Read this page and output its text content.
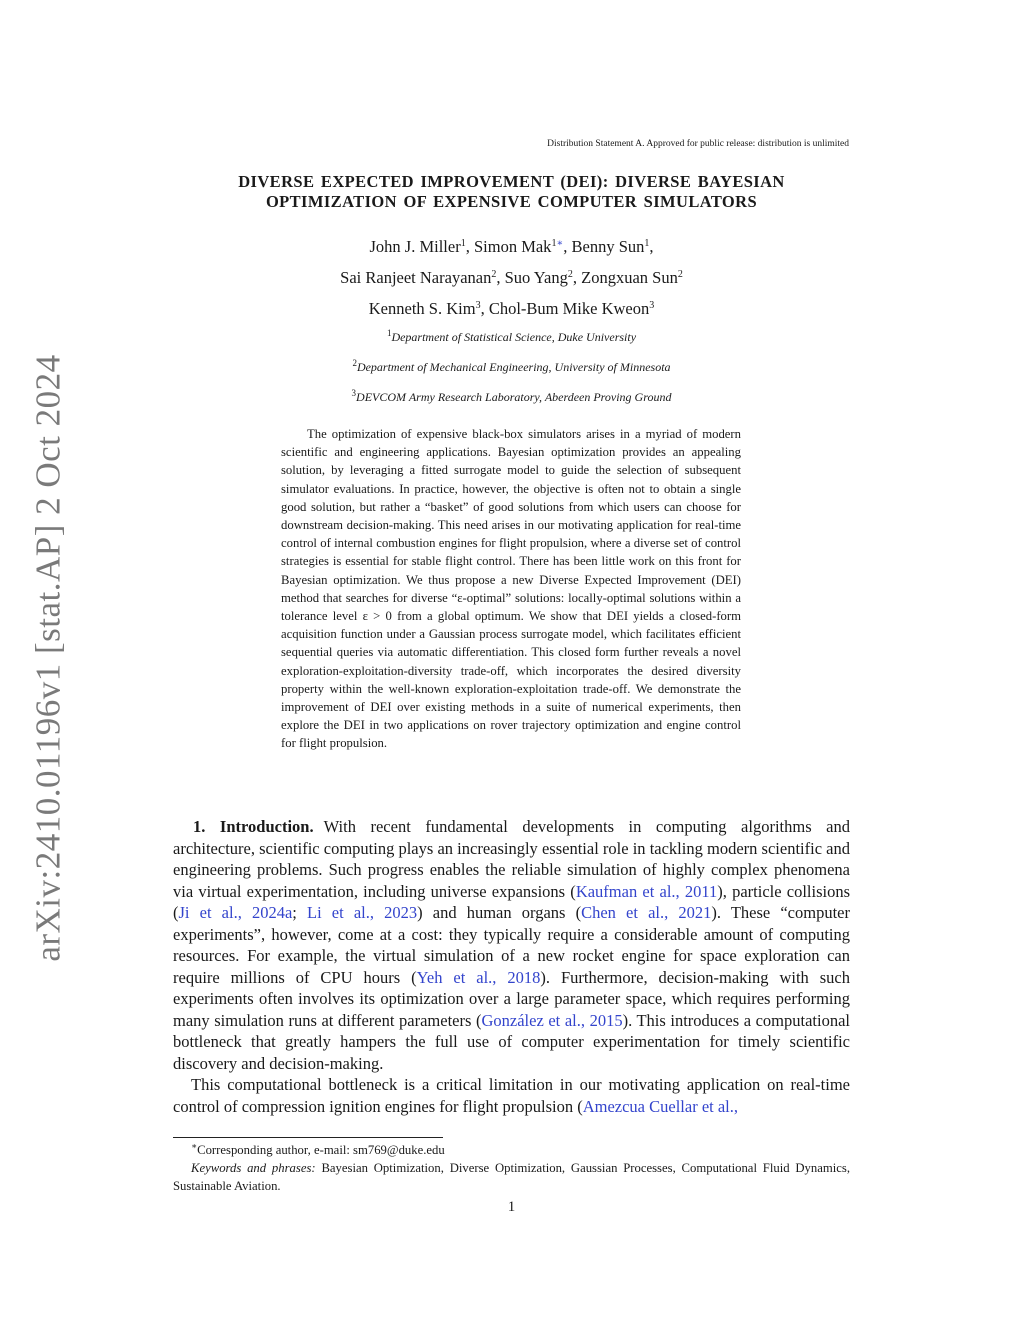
arXiv:2410.01196v1 [stat.AP] 2 Oct 2024
Distribution Statement A. Approved for public release: distribution is unlimited
DIVERSE EXPECTED IMPROVEMENT (DEI): DIVERSE BAYESIAN
OPTIMIZATION OF EXPENSIVE COMPUTER SIMULATORS
John J. Miller$^1$, Simon Mak$^{1∗}$, Benny Sun$^1$,
Sai Ranjeet Narayanan$^2$, Suo Yang$^2$, Zongxuan Sun$^2$
Kenneth S. Kim$^3$, Chol-Bum Mike Kweon$^3$
$^1$Department of Statistical Science, Duke University
$^2$Department of Mechanical Engineering, University of Minnesota
$^3$DEVCOM Army Research Laboratory, Aberdeen Proving Ground

The optimization of expensive black-box simulators arises in a myriad of modern scientific and engineering applications. Bayesian optimization provides an appealing solution, by leveraging a fitted surrogate model to guide the selection of subsequent simulator evaluations. In practice, however, the objective is often not to obtain a single good solution, but rather a “basket” of good solutions from which users can choose for downstream decision-making. This need arises in our motivating application for real-time control of internal combustion engines for flight propulsion, where a diverse set of control strategies is essential for stable flight control. There has been little work on this front for Bayesian optimization. We thus propose a new Diverse Expected Improvement (DEI) method that searches for diverse “ε-optimal” solutions: locally-optimal solutions within a tolerance level ε > 0 from a global optimum. We show that DEI yields a closed-form acquisition function under a Gaussian process surrogate model, which facilitates efficient sequential queries via automatic differentiation. This closed form further reveals a novel exploration-exploitation-diversity trade-off, which incorporates the desired diversity property within the well-known exploration-exploitation trade-off. We demonstrate the improvement of DEI over existing methods in a suite of numerical experiments, then explore the DEI in two applications on rover trajectory optimization and engine control for flight propulsion.

1. Introduction. With recent fundamental developments in computing algorithms and architecture, scientific computing plays an increasingly essential role in tackling modern scientific and engineering problems. Such progress enables the reliable simulation of highly complex phenomena via virtual experimentation, including universe expansions (Kaufman et al., 2011), particle collisions (Ji et al., 2024a; Li et al., 2023) and human organs (Chen et al., 2021). These “computer experiments”, however, come at a cost: they typically require a considerable amount of computing resources. For example, the virtual simulation of a new rocket engine for space exploration can require millions of CPU hours (Yeh et al., 2018). Furthermore, decision-making with such experiments often involves its optimization over a large parameter space, which requires performing many simulation runs at different parameters (González et al., 2015). This introduces a computational bottleneck that greatly hampers the full use of computer experimentation for timely scientific discovery and decision-making.

This computational bottleneck is a critical limitation in our motivating application on real-time control of compression ignition engines for flight propulsion (Amezcua Cuellar et al.,

∗Corresponding author, e-mail: sm769@duke.edu

Keywords and phrases: Bayesian Optimization, Diverse Optimization, Gaussian Processes, Computational Fluid Dynamics, Sustainable Aviation.

1
